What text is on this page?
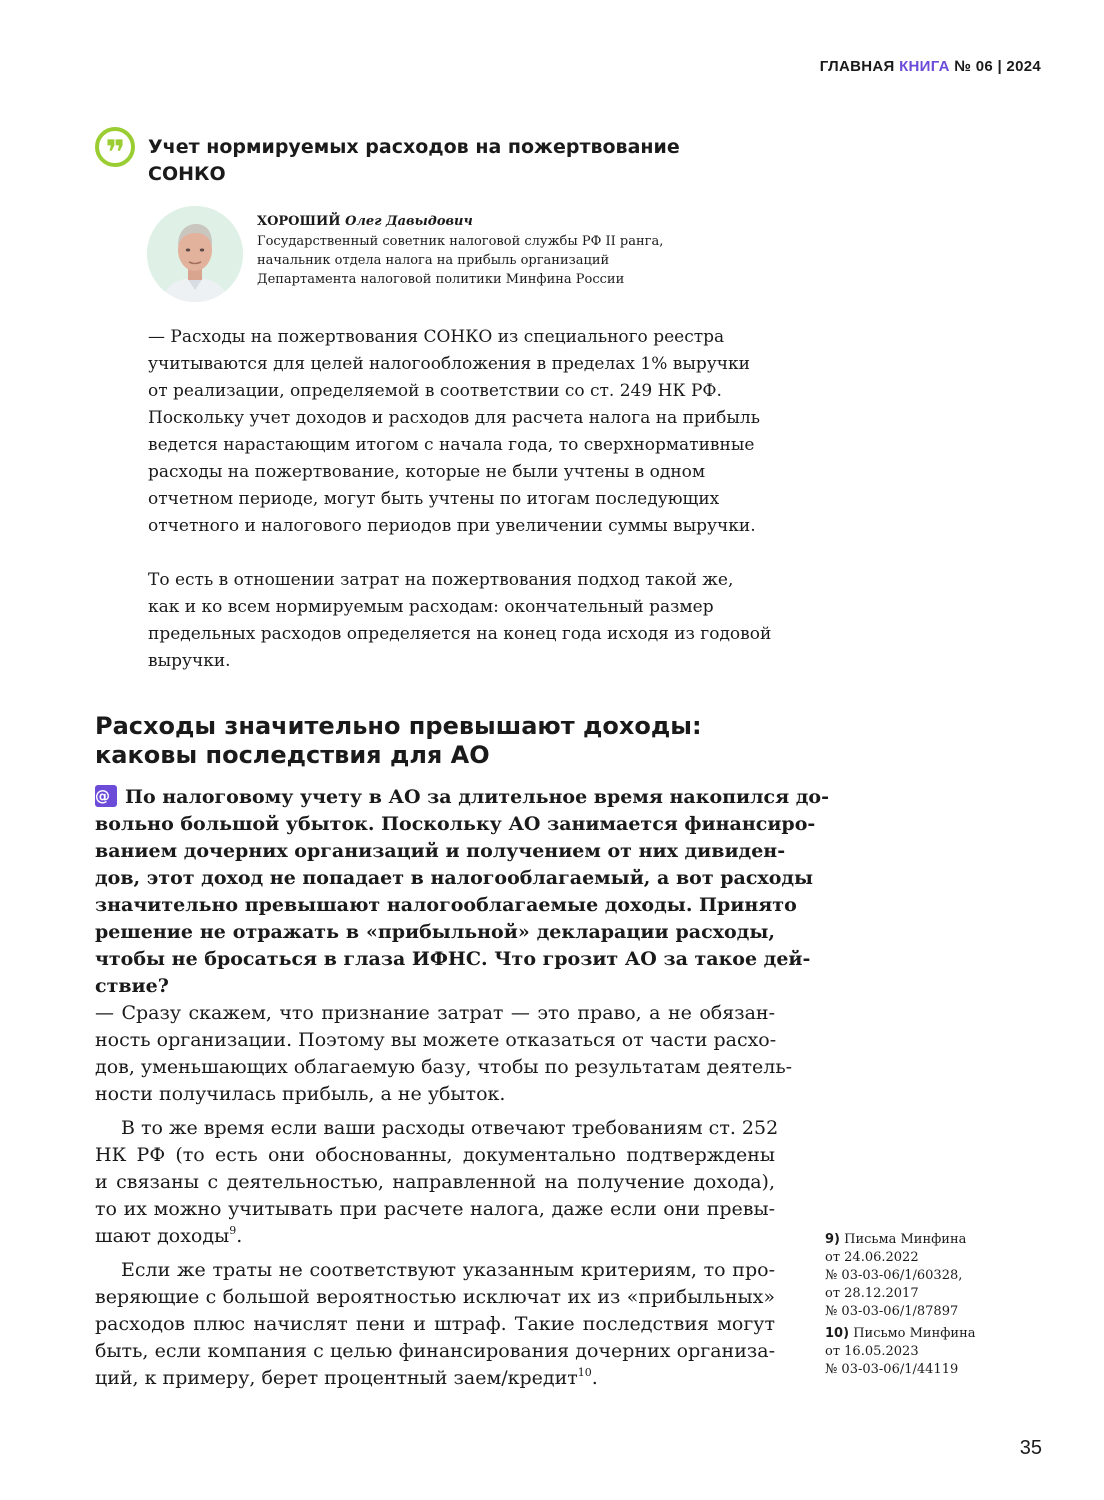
ГЛАВНАЯ КНИГА № 06 | 2024
❞ Учет нормируемых расходов на пожертвование
СОНКО
ХОРОШИЙ Олег Давыдович
Государственный советник налоговой службы РФ II ранга,
начальник отдела налога на прибыль организаций
Департамента налоговой политики Минфина России
— Расходы на пожертвования СОНКО из специального реестра
учитываются для целей налогообложения в пределах 1% выручки
от реализации, определяемой в соответствии со ст. 249 НК РФ.
Поскольку учет доходов и расходов для расчета налога на прибыль
ведется нарастающим итогом с начала года, то сверхнормативные
расходы на пожертвование, которые не были учтены в одном
отчетном периоде, могут быть учтены по итогам последующих
отчетного и налогового периодов при увеличении суммы выручки.
То есть в отношении затрат на пожертвования подход такой же,
как и ко всем нормируемым расходам: окончательный размер
предельных расходов определяется на конец года исходя из годовой
выручки.
Расходы значительно превышают доходы:
каковы последствия для АО
@ По налоговому учету в АО за длительное время накопился до-
вольно большой убыток. Поскольку АО занимается финансиро-
ванием дочерних организаций и получением от них дивиден-
дов, этот доход не попадает в налогооблагаемый, а вот расходы
значительно превышают налогооблагаемые доходы. Принято
решение не отражать в «прибыльной» декларации расходы,
чтобы не бросаться в глаза ИФНС. Что грозит АО за такое дей-
ствие?
— Сразу скажем, что признание затрат — это право, а не обязан-
ность организации. Поэтому вы можете отказаться от части расхо-
дов, уменьшающих облагаемую базу, чтобы по результатам деятель-
ности получилась прибыль, а не убыток.
В то же время если ваши расходы отвечают требованиям ст. 252
НК РФ (то есть они обоснованны, документально подтверждены
и связаны с деятельностью, направленной на получение дохода),
то их можно учитывать при расчете налога, даже если они превы-
шают доходы$^9$.
Если же траты не соответствуют указанным критериям, то про-
веряющие с большой вероятностью исключат их из «прибыльных»
расходов плюс начислят пени и штраф. Такие последствия могут
быть, если компания с целью финансирования дочерних организа-
ций, к примеру, берет процентный заем/кредит$^{10}$.
9) Письма Минфина
от 24.06.2022
№ 03-03-06/1/60328,
от 28.12.2017
№ 03-03-06/1/87897
10) Письмо Минфина
от 16.05.2023
№ 03-03-06/1/44119
35
